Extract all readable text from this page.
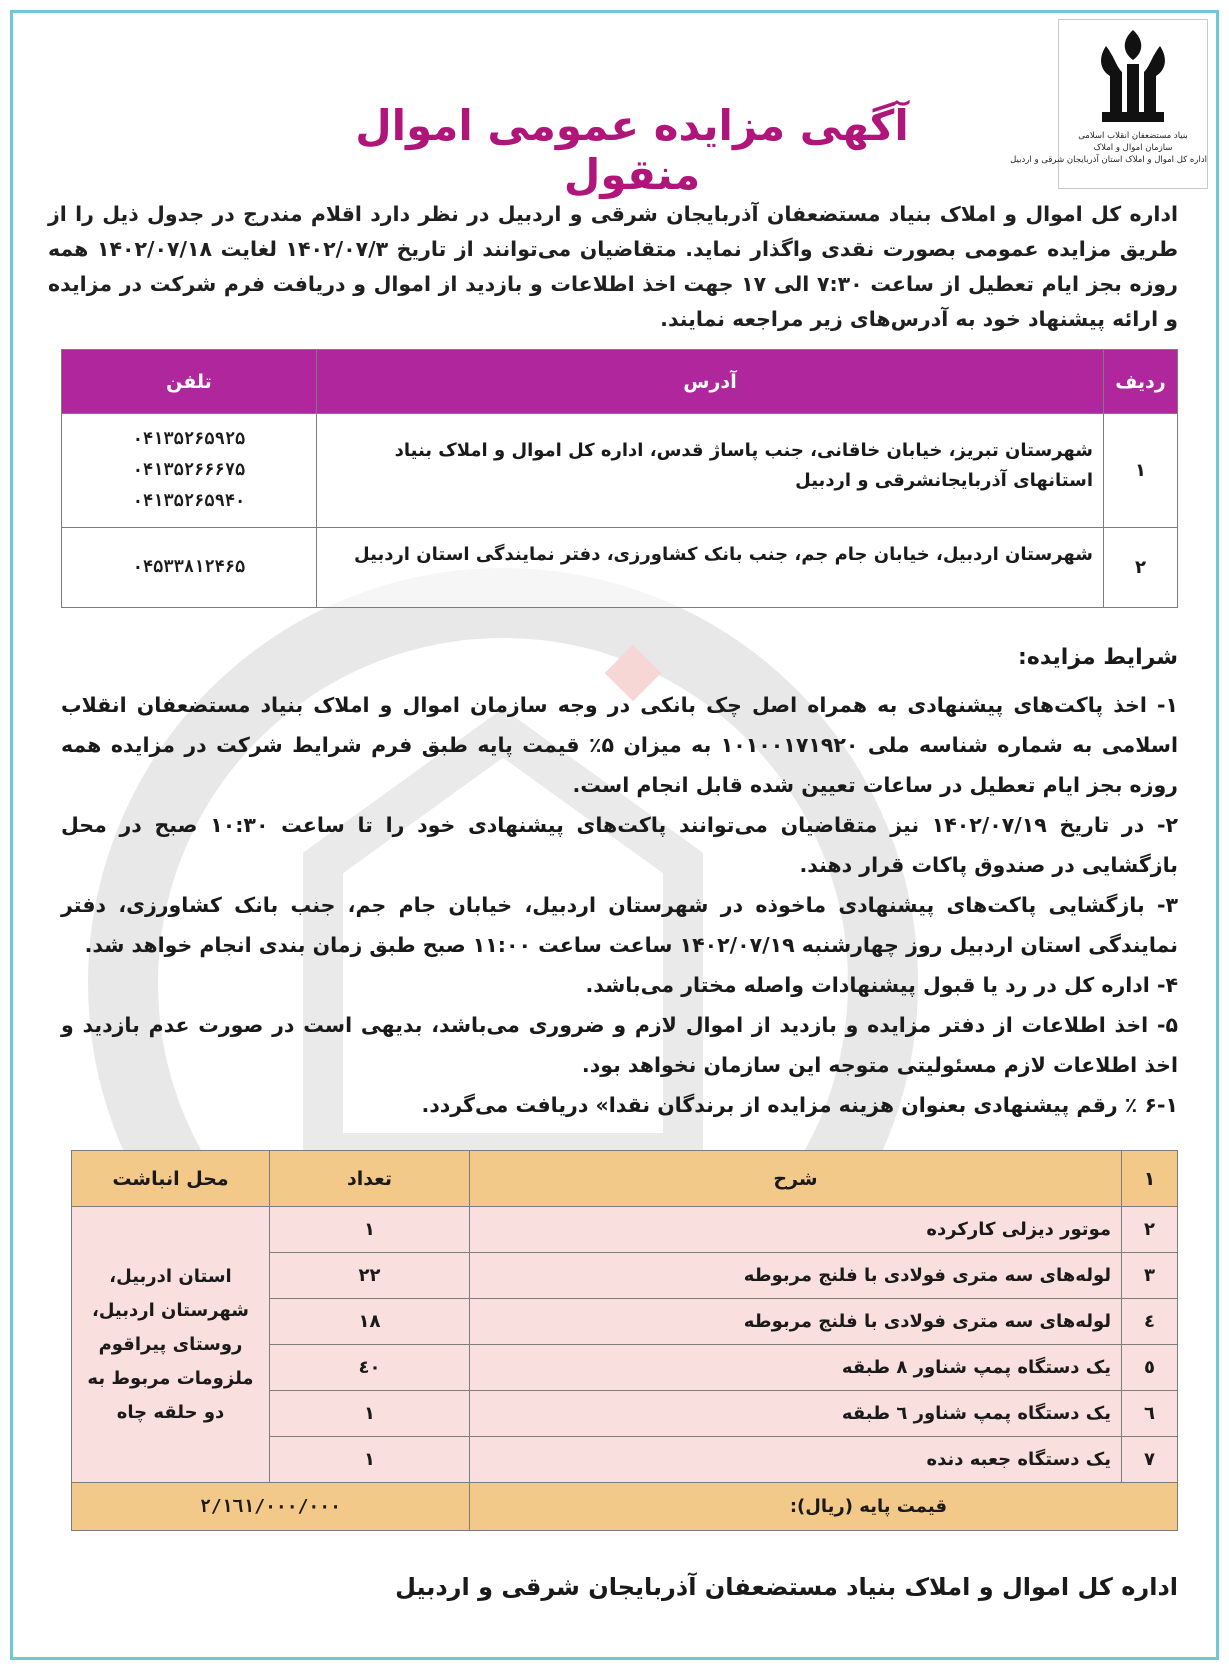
بنیاد مستضعفان انقلاب اسلامی
سازمان اموال و املاک
اداره کل اموال و املاک استان آذربایجان شرقی و اردبیل
آگهی مزایده عمومی اموال منقول

اداره کل اموال و املاک بنیاد مستضعفان آذربایجان شرقی و اردبیل در نظر دارد اقلام مندرج در جدول ذیل را از طریق مزایده عمومی بصورت نقدی واگذار نماید. متقاضیان می‌توانند از تاریخ ۱۴۰۲/۰۷/۳ لغایت ۱۴۰۲/۰۷/۱۸ همه روزه بجز ایام تعطیل از ساعت ۷:۳۰ الی ۱۷ جهت اخذ اطلاعات و بازدید از اموال و دریافت فرم شرکت در مزایده و ارائه پیشنهاد خود به آدرس‌های زیر مراجعه نمایند.

ردیف	آدرس	تلفن
۱	شهرستان تبریز، خیابان خاقانی، جنب پاساژ قدس، اداره کل اموال و املاک بنیاد استانهای آذربایجانشرقی و اردبیل	۰۴۱۳۵۲۶۵۹۲۵
۰۴۱۳۵۲۶۶۶۷۵
۰۴۱۳۵۲۶۵۹۴۰

۲	شهرستان اردبیل، خیابان جام جم، جنب بانک کشاورزی، دفتر نمایندگی استان اردبیل	۰۴۵۳۳۸۱۲۴۶۵
شرایط مزایده:
۱- اخذ پاکت‌های پیشنهادی به همراه اصل چک بانکی در وجه سازمان اموال و املاک بنیاد مستضعفان انقلاب اسلامی به شماره شناسه ملی ۱۰۱۰۰۱۷۱۹۲۰ به میزان ۵٪ قیمت پایه طبق فرم شرایط شرکت در مزایده همه روزه بجز ایام تعطیل در ساعات تعیین شده قابل انجام است.
۲- در تاریخ ۱۴۰۲/۰۷/۱۹ نیز متقاضیان می‌توانند پاکت‌های پیشنهادی خود را تا ساعت ۱۰:۳۰ صبح در محل بازگشایی در صندوق پاکات قرار دهند.
۳- بازگشایی پاکت‌های پیشنهادی ماخوذه در شهرستان اردبیل، خیابان جام جم، جنب بانک کشاورزی، دفتر نمایندگی استان اردبیل روز چهارشنبه ۱۴۰۲/۰۷/۱۹ ساعت ساعت ۱۱:۰۰ صبح طبق زمان بندی انجام خواهد شد.
۴- اداره کل در رد یا قبول پیشنهادات واصله مختار می‌باشد.
۵- اخذ اطلاعات از دفتر مزایده و بازدید از اموال لازم و ضروری می‌باشد، بدیهی است در صورت عدم بازدید و اخذ اطلاعات لازم مسئولیتی متوجه این سازمان نخواهد بود.
۶-۱ ٪ رقم پیشنهادی بعنوان هزینه مزایده از برندگان نقدا» دریافت می‌گردد.
۱	شرح	تعداد	محل انباشت
۲	موتور دیزلی کارکرده	۱	استان ادربیل، شهرستان اردبیل، روستای پیراقوم ملزومات مربوط به دو حلقه چاه
۳	لوله‌های سه متری فولادی با فلنج مربوطه	۲۲	
٤	لوله‌های سه متری فولادی با فلنج مربوطه	۱۸	
٥	یک دستگاه پمپ شناور ۸ طبقه	٤٠	
٦	یک دستگاه پمپ شناور ٦ طبقه	۱	
۷	یک دستگاه جعبه دنده	۱	
قیمت پایه (ریال):		۲/۱٦۱/۰۰۰/۰۰۰	
اداره کل اموال و املاک بنیاد مستضعفان آذربایجان شرقی و اردبیل
